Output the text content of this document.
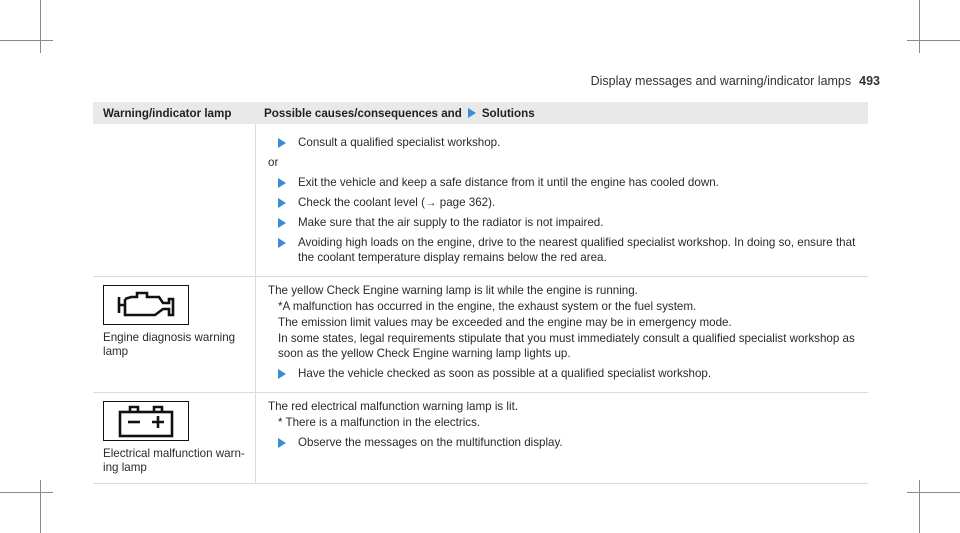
Display messages and warning/indicator lamps 493
Warning/indicator lamp	Possible causes/consequences and Solutions
Consult a qualified specialist workshop.
or
Exit the vehicle and keep a safe distance from it until the engine has cooled down.
Check the coolant level (→ page 362).
Make sure that the air supply to the radiator is not impaired.
Avoiding high loads on the engine, drive to the nearest qualified specialist workshop. In doing so, ensure that the coolant temperature display remains below the red area.
Engine diagnosis warning lamp
The yellow Check Engine warning lamp is lit while the engine is running.
*A malfunction has occurred in the engine, the exhaust system or the fuel system.
The emission limit values may be exceeded and the engine may be in emergency mode.
In some states, legal requirements stipulate that you must immediately consult a qualified specialist workshop as soon as the yellow Check Engine warning lamp lights up.
Have the vehicle checked as soon as possible at a qualified specialist workshop.
Electrical malfunction warn-ing lamp
The red electrical malfunction warning lamp is lit.
* There is a malfunction in the electrics.
Observe the messages on the multifunction display.
